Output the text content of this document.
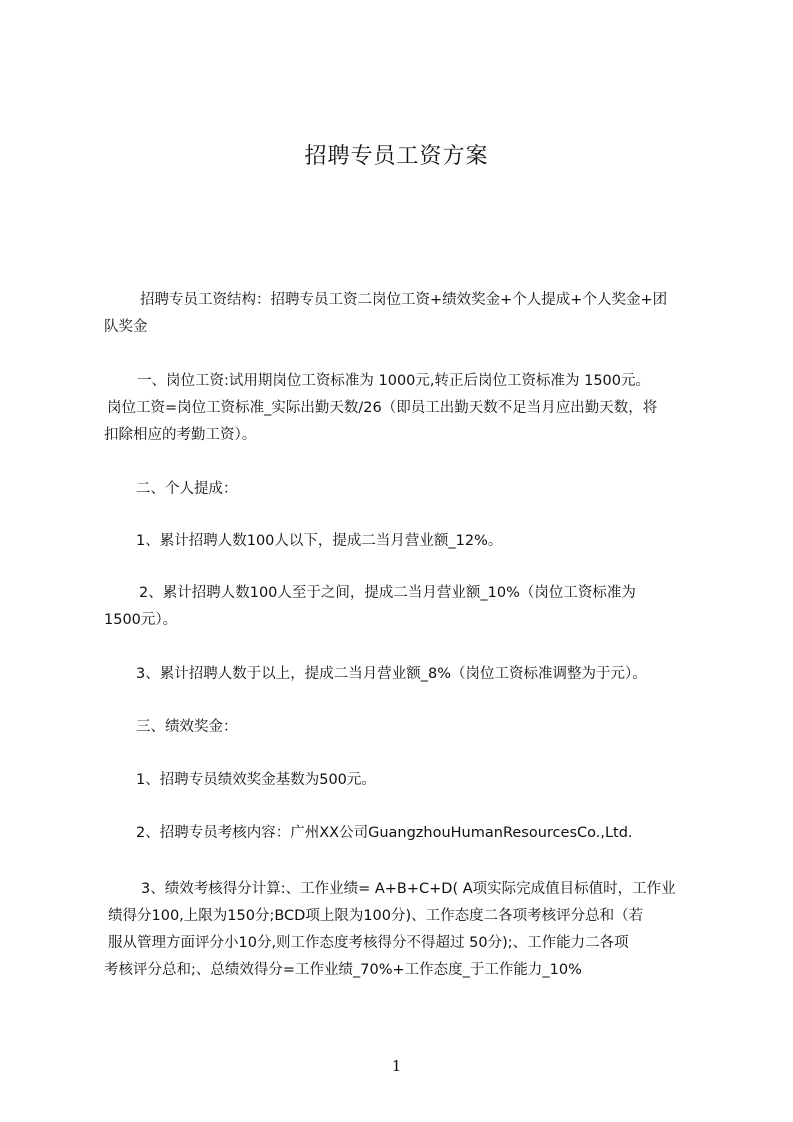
招聘专员工资方案
招聘专员工资结构：招聘专员工资二岗位工资+绩效奖金+个人提成+个人奖金+团
队奖金
一、岗位工资:试用期岗位工资标准为 1000元,转正后岗位工资标准为 1500元。
岗位工资=岗位工资标准_实际出勤天数/26（即员工出勤天数不足当月应出勤天数，将
扣除相应的考勤工资）。
二、个人提成：
1、累计招聘人数100人以下，提成二当月营业额_12%。
2、累计招聘人数100人至于之间，提成二当月营业额_10%（岗位工资标准为
1500元）。
3、累计招聘人数于以上，提成二当月营业额_8%（岗位工资标准调整为于元）。
三、绩效奖金：
1、招聘专员绩效奖金基数为500元。
2、招聘专员考核内容：广州XX公司GuangzhouHumanResourcesCo.,Ltd.
3、绩效考核得分计算:、工作业绩= A+B+C+D( A项实际完成值目标值时，工作业
绩得分100,上限为150分;BCD项上限为100分)、工作态度二各项考核评分总和（若
服从管理方面评分小10分,则工作态度考核得分不得超过 50分);、工作能力二各项
考核评分总和;、总绩效得分=工作业绩_70%+工作态度_于工作能力_10%
1
